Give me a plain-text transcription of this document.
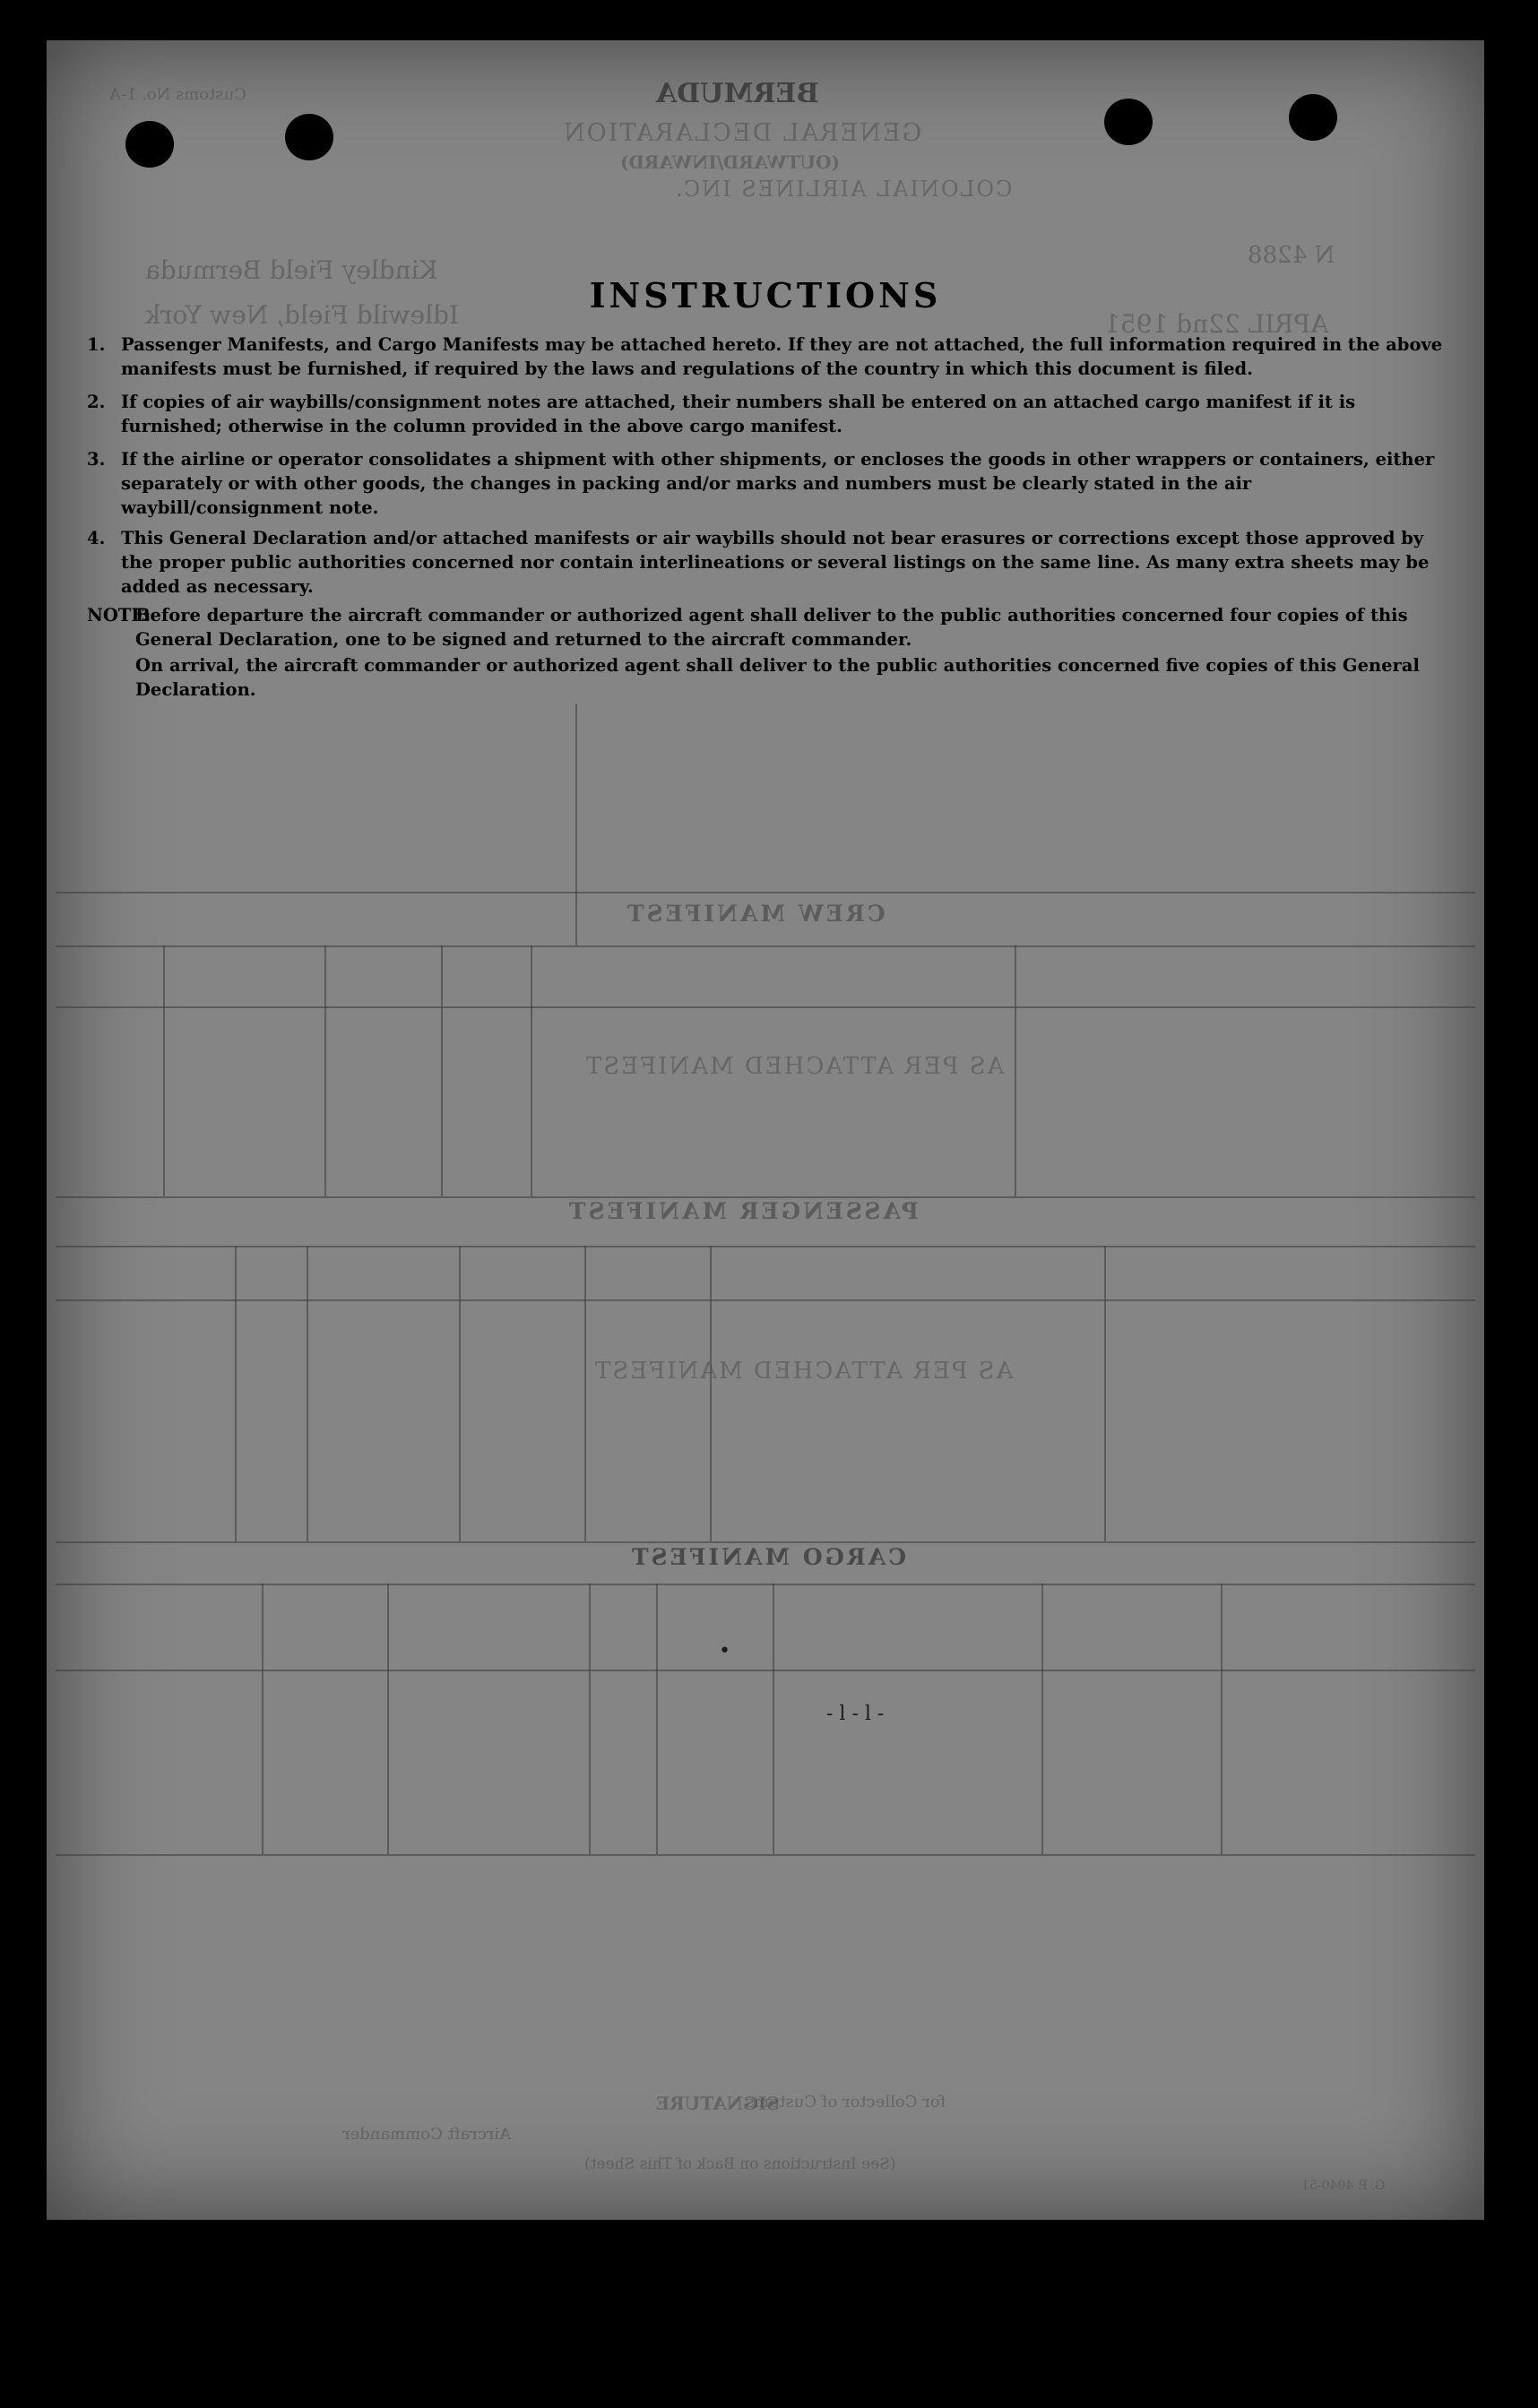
Customs No. 1-A	BERMUDA
GENERAL DECLARATION
(OUTWARD/INWARD)
COLONIAL AIRLINES INC.
N 4288
APRIL 22nd 1951
Kindley Field Bermuda
Idlewild Field, New York	INSTRUCTIONS
1. Passenger Manifests, and Cargo Manifests may be attached hereto. If they are not attached, the full information required in the above manifests must be furnished, if required by the laws and regulations of the country in which this document is filed.
2. If copies of air waybills/consignment notes are attached, their numbers shall be entered on an attached cargo manifest if it is furnished; otherwise in the column provided in the above cargo manifest.
3. If the airline or operator consolidates a shipment with other shipments, or encloses the goods in other wrappers or containers, either separately or with other goods, the changes in packing and/or marks and numbers must be clearly stated in the air waybill/consignment note.
4. This General Declaration and/or attached manifests or air waybills should not bear erasures or corrections except those approved by the proper public authorities concerned nor contain interlineations or several listings on the same line. As many extra sheets may be added as necessary.
NOTE:
Before departure the aircraft commander or authorized agent shall deliver to the public authorities concerned four copies of this General Declaration, one to be signed and returned to the aircraft commander.
On arrival, the aircraft commander or authorized agent shall deliver to the public authorities concerned five copies of this General Declaration.
CREW MANIFEST
PASSENGER MANIFEST
CARGO MANIFEST
AS PER ATTACHED MANIFEST
AS PER ATTACHED MANIFEST
•
- l - l -
SIGNATURE
for Collector of Customs
Aircraft Commander
(See Instructions on Back of This Sheet)
G. P. 4040-51
